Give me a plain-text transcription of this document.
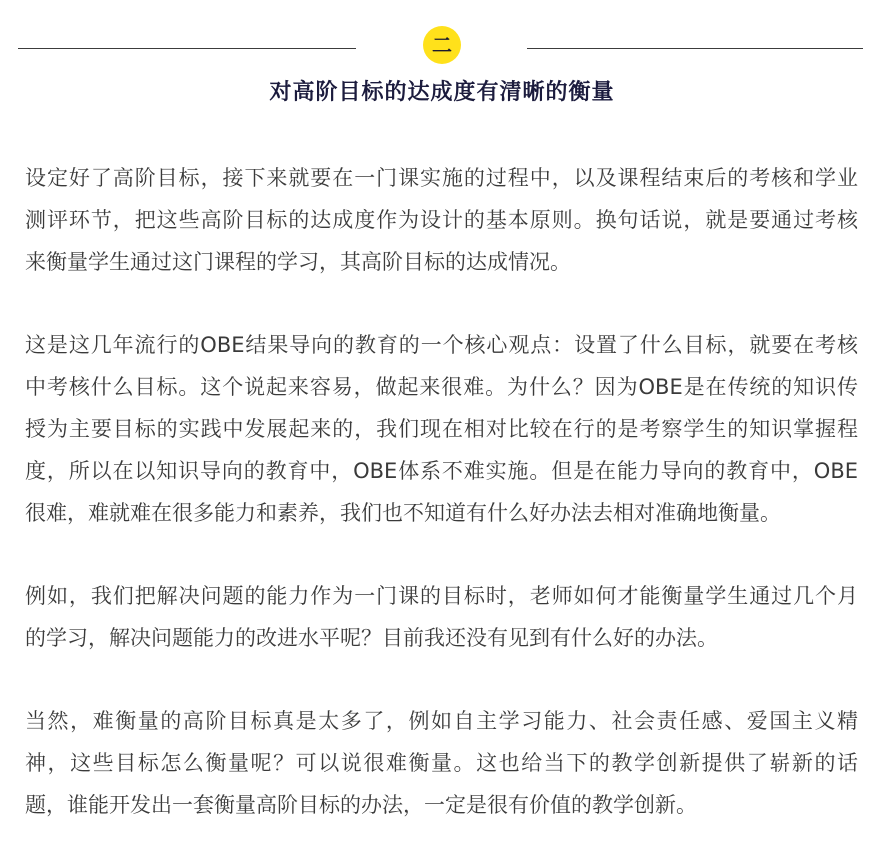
二
对高阶目标的达成度有清晰的衡量
设定好了高阶目标，接下来就要在一门课实施的过程中，以及课程结束后的考核和学业
测评环节，把这些高阶目标的达成度作为设计的基本原则。换句话说，就是要通过考核
来衡量学生通过这门课程的学习，其高阶目标的达成情况。
这是这几年流行的OBE结果导向的教育的一个核心观点：设置了什么目标，就要在考核
中考核什么目标。这个说起来容易，做起来很难。为什么？因为OBE是在传统的知识传
授为主要目标的实践中发展起来的，我们现在相对比较在行的是考察学生的知识掌握程
度，所以在以知识导向的教育中，OBE体系不难实施。但是在能力导向的教育中，OBE
很难，难就难在很多能力和素养，我们也不知道有什么好办法去相对准确地衡量。
例如，我们把解决问题的能力作为一门课的目标时，老师如何才能衡量学生通过几个月
的学习，解决问题能力的改进水平呢？目前我还没有见到有什么好的办法。
当然，难衡量的高阶目标真是太多了，例如自主学习能力、社会责任感、爱国主义精
神，这些目标怎么衡量呢？可以说很难衡量。这也给当下的教学创新提供了崭新的话
题，谁能开发出一套衡量高阶目标的办法，一定是很有价值的教学创新。
